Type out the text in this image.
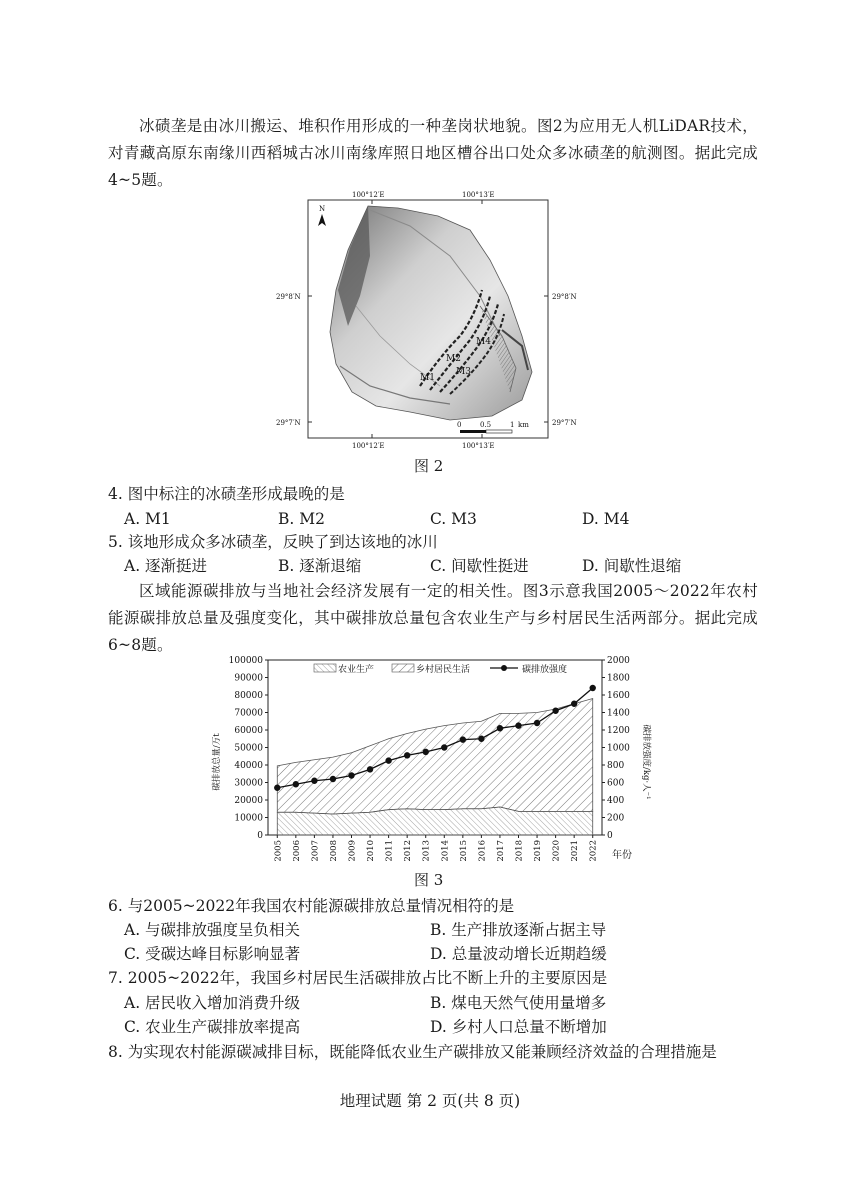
冰碛垄是由冰川搬运、堆积作用形成的一种垄岗状地貌。图2为应用无人机LiDAR技术，对青藏高原东南缘川西稻城古冰川南缘库照日地区槽谷出口处众多冰碛垄的航测图。据此完成4~5题。
M1
M2
M3
M4
N
0	0.5	1 km
100°12′E	100°13′E
100°12′E	100°13′E
29°8′N	29°8′N
29°7′N	29°7′N
图 2
4. 图中标注的冰碛垄形成最晚的是
A. M1	B. M2	C. M3	D. M4
5. 该地形成众多冰碛垄，反映了到达该地的冰川
A. 逐渐挺进	B. 逐渐退缩	C. 间歇性挺进	D. 间歇性退缩
区域能源碳排放与当地社会经济发展有一定的相关性。图3示意我国2005～2022年农村能源碳排放总量及强度变化，其中碳排放总量包含农业生产与乡村居民生活两部分。据此完成6~8题。
0
10000
20000
30000
40000
50000
60000
70000
80000
90000
100000
0
200
400
600
800
1000
1200
1400
1600
1800
2000
2005 2006 2007 2008 2009 2010 2011 2012 2013 2014 2015 2016 2017 2018 2019 2020 2021 2022
农业生产	乡村居民生活	碳排放强度
碳排放总量/万t	碳排放强度/kg·人⁻¹
年份
图 3
6. 与2005~2022年我国农村能源碳排放总量情况相符的是
A. 与碳排放强度呈负相关	B. 生产排放逐渐占据主导
C. 受碳达峰目标影响显著	D. 总量波动增长近期趋缓
7. 2005~2022年，我国乡村居民生活碳排放占比不断上升的主要原因是
A. 居民收入增加消费升级	B. 煤电天然气使用量增多
C. 农业生产碳排放率提高	D. 乡村人口总量不断增加
8. 为实现农村能源碳减排目标，既能降低农业生产碳排放又能兼顾经济效益的合理措施是
地理试题 第 2 页(共 8 页)
